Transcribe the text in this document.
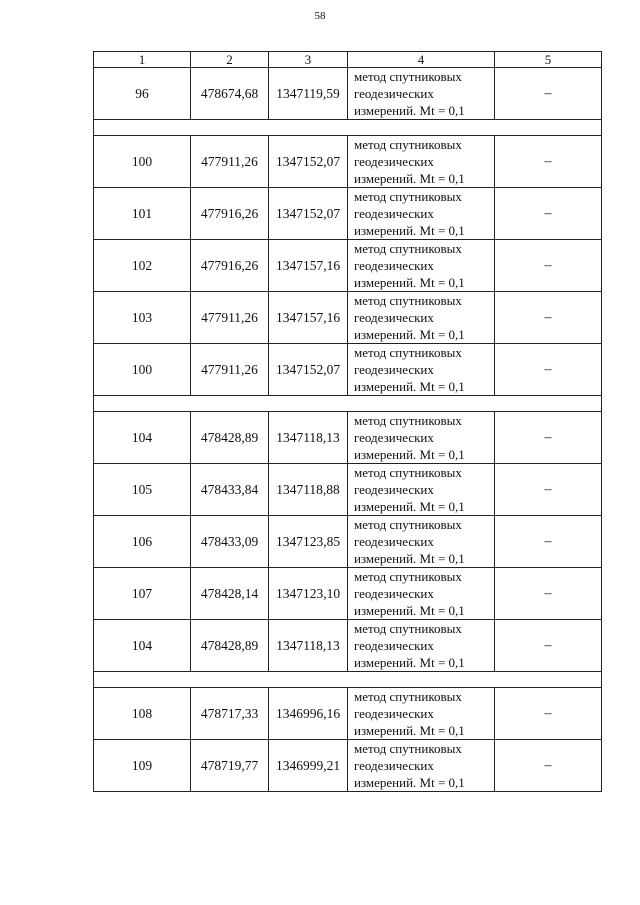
58
1	2	3	4	5
96	478674,68	1347119,59	метод спутниковых
геодезических
измерений. Mt = 0,1	–

100	477911,26	1347152,07	метод спутниковых
геодезических
измерений. Mt = 0,1	–
101	477916,26	1347152,07	метод спутниковых
геодезических
измерений. Mt = 0,1	–
102	477916,26	1347157,16	метод спутниковых
геодезических
измерений. Mt = 0,1	–
103	477911,26	1347157,16	метод спутниковых
геодезических
измерений. Mt = 0,1	–
100	477911,26	1347152,07	метод спутниковых
геодезических
измерений. Mt = 0,1	–

104	478428,89	1347118,13	метод спутниковых
геодезических
измерений. Mt = 0,1	–
105	478433,84	1347118,88	метод спутниковых
геодезических
измерений. Mt = 0,1	–
106	478433,09	1347123,85	метод спутниковых
геодезических
измерений. Mt = 0,1	–
107	478428,14	1347123,10	метод спутниковых
геодезических
измерений. Mt = 0,1	–
104	478428,89	1347118,13	метод спутниковых
геодезических
измерений. Mt = 0,1	–

108	478717,33	1346996,16	метод спутниковых
геодезических
измерений. Mt = 0,1	–
109	478719,77	1346999,21	метод спутниковых
геодезических
измерений. Mt = 0,1	–
